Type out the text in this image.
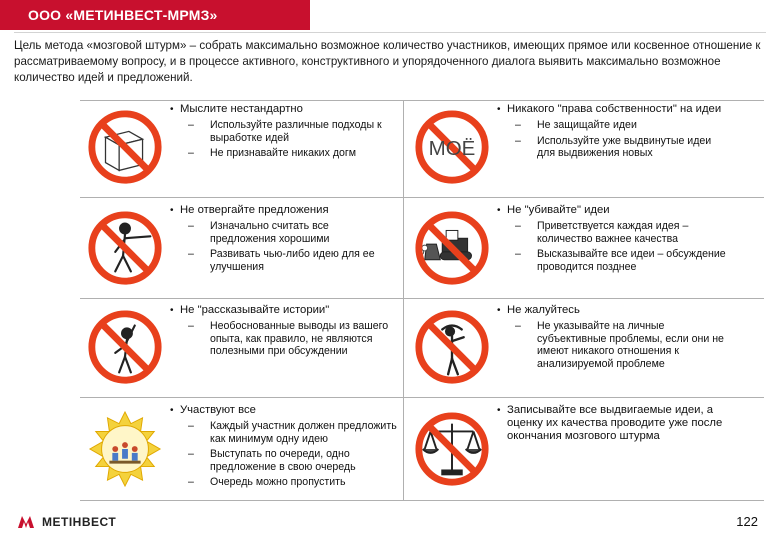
ООО «МЕТИНВЕСТ-МРМЗ»
Цель метода «мозговой штурм» – собрать максимально возможное количество участников, имеющих прямое или косвенное отношение к рассматриваемому вопросу, и в процессе активного, конструктивного и упорядоченного диалога выявить максимально возможное количество идей и предложений.
• Мыслите нестандартно
–	Используйте различные подходы к выработке идей
–	Не признавайте никаких догм	МОЁ
• Никакого "права собственности" на идеи
–	Не защищайте идеи
–	Используйте уже выдвинутые идеи для выдвижения новых
• Не отвергайте предложения
–	Изначально считать все предложения хорошими
–	Развивать чью-либо идею для ее улучшения
• Не "убивайте" идеи
–	Приветствуется каждая идея – количество важнее качества
–	Высказывайте все идеи – обсуждение проводится позднее
• Не "рассказывайте истории"
–	Необоснованные выводы из вашего опыта, как правило, не являются полезными при обсуждении
• Не жалуйтесь
–	Не указывайте на личные субъективные проблемы, если они не имеют никакого отношения к анализируемой проблеме
• Участвуют все
–	Каждый участник должен предложить как минимум одну идею
–	Выступать по очереди, одно предложение в свою очередь
–	Очередь можно пропустить
• Записывайте все выдвигаемые идеи, а оценку их качества проводите уже после окончания мозгового штурма
МЕТІНВЕСТ	122
